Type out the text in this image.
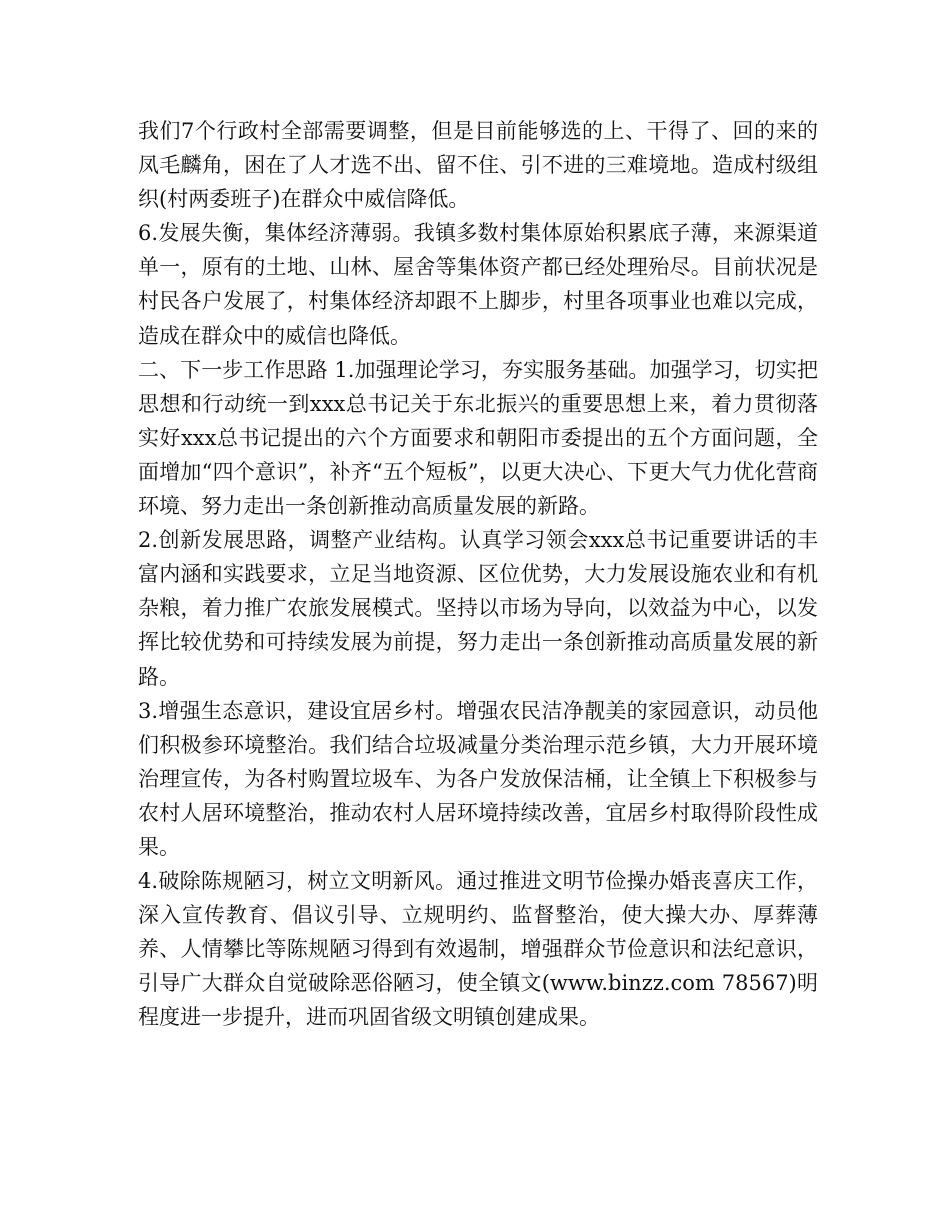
我们7个行政村全部需要调整，但是目前能够选的上、干得了、回的来的凤毛麟角，困在了人才选不出、留不住、引不进的三难境地。造成村级组织(村两委班子)在群众中威信降低。

6.发展失衡，集体经济薄弱。我镇多数村集体原始积累底子薄，来源渠道单一，原有的土地、山林、屋舍等集体资产都已经处理殆尽。目前状况是村民各户发展了，村集体经济却跟不上脚步，村里各项事业也难以完成，造成在群众中的威信也降低。

二、下一步工作思路 1.加强理论学习，夯实服务基础。加强学习，切实把思想和行动统一到xxx总书记关于东北振兴的重要思想上来，着力贯彻落实好xxx总书记提出的六个方面要求和朝阳市委提出的五个方面问题，全面增加“四个意识”，补齐“五个短板”，以更大决心、下更大气力优化营商环境、努力走出一条创新推动高质量发展的新路。

2.创新发展思路，调整产业结构。认真学习领会xxx总书记重要讲话的丰富内涵和实践要求，立足当地资源、区位优势，大力发展设施农业和有机杂粮，着力推广农旅发展模式。坚持以市场为导向，以效益为中心，以发挥比较优势和可持续发展为前提，努力走出一条创新推动高质量发展的新路。

3.增强生态意识，建设宜居乡村。增强农民洁净靓美的家园意识，动员他们积极参环境整治。我们结合垃圾减量分类治理示范乡镇，大力开展环境治理宣传，为各村购置垃圾车、为各户发放保洁桶，让全镇上下积极参与农村人居环境整治，推动农村人居环境持续改善，宜居乡村取得阶段性成果。

4.破除陈规陋习，树立文明新风。通过推进文明节俭操办婚丧喜庆工作，深入宣传教育、倡议引导、立规明约、监督整治，使大操大办、厚葬薄养、人情攀比等陈规陋习得到有效遏制，增强群众节俭意识和法纪意识，引导广大群众自觉破除恶俗陋习，使全镇文(www.binzz.com 78567)明程度进一步提升，进而巩固省级文明镇创建成果。
